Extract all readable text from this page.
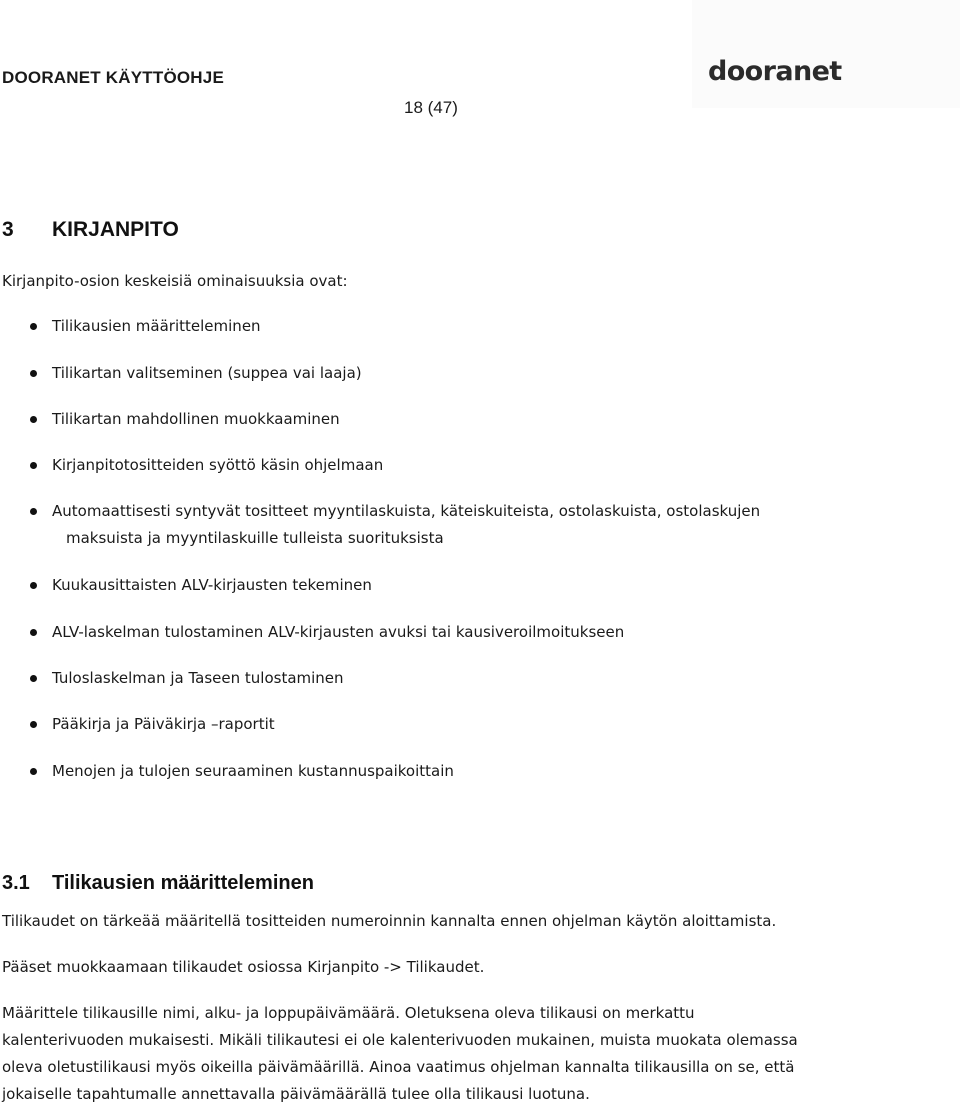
DOORANET KÄYTTÖOHJE
18 (47)
dooranet
3 KIRJANPITO
Kirjanpito-osion keskeisiä ominaisuuksia ovat:
Tilikausien määritteleminen
Tilikartan valitseminen (suppea vai laaja)
Tilikartan mahdollinen muokkaaminen
Kirjanpitotositteiden syöttö käsin ohjelmaan
Automaattisesti syntyvät tositteet myyntilaskuista, käteiskuiteista, ostolaskuista, ostolaskujen
maksuista ja myyntilaskuille tulleista suorituksista
Kuukausittaisten ALV-kirjausten tekeminen
ALV-laskelman tulostaminen ALV-kirjausten avuksi tai kausiveroilmoitukseen
Tuloslaskelman ja Taseen tulostaminen
Pääkirja ja Päiväkirja –raportit
Menojen ja tulojen seuraaminen kustannuspaikoittain
3.1 Tilikausien määritteleminen
Tilikaudet on tärkeää määritellä tositteiden numeroinnin kannalta ennen ohjelman käytön aloittamista.
Pääset muokkaamaan tilikaudet osiossa Kirjanpito -> Tilikaudet.
Määrittele tilikausille nimi, alku- ja loppupäivämäärä. Oletuksena oleva tilikausi on merkattu
kalenterivuoden mukaisesti. Mikäli tilikautesi ei ole kalenterivuoden mukainen, muista muokata olemassa
oleva oletustilikausi myös oikeilla päivämäärillä. Ainoa vaatimus ohjelman kannalta tilikausilla on se, että
jokaiselle tapahtumalle annettavalla päivämäärällä tulee olla tilikausi luotuna.
